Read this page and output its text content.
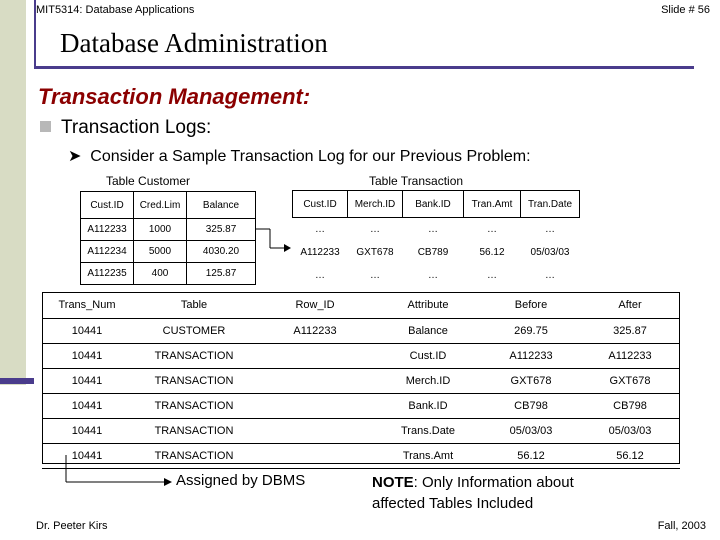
MIT5314: Database Applications	Slide # 56
Database Administration
Transaction Management:
Transaction Logs:
➤ Consider a Sample Transaction Log for our Previous Problem:
Table Customer
Cust.ID	Cred.Lim	Balance
A112233	1000	325.87
A112234	5000	4030.20
A112235	400	125.87
Table Transaction
Cust.ID	Merch.ID	Bank.ID	Tran.Amt	Tran.Date
…	…	…	…	…
A112233	GXT678	CB789	56.12	05/03/03
…	…	…	…	…
Trans_Num	Table	Row_ID	Attribute	Before	After
10441	CUSTOMER	A112233	Balance	269.75	325.87
10441	TRANSACTION		Cust.ID	A112233	A112233
10441	TRANSACTION		Merch.ID	GXT678	GXT678
10441	TRANSACTION		Bank.ID	CB798	CB798
10441	TRANSACTION		Trans.Date	05/03/03	05/03/03
10441	TRANSACTION		Trans.Amt	56.12	56.12
Assigned by DBMS	NOTE: Only Information about
affected Tables Included
Dr. Peeter Kirs	Fall, 2003
